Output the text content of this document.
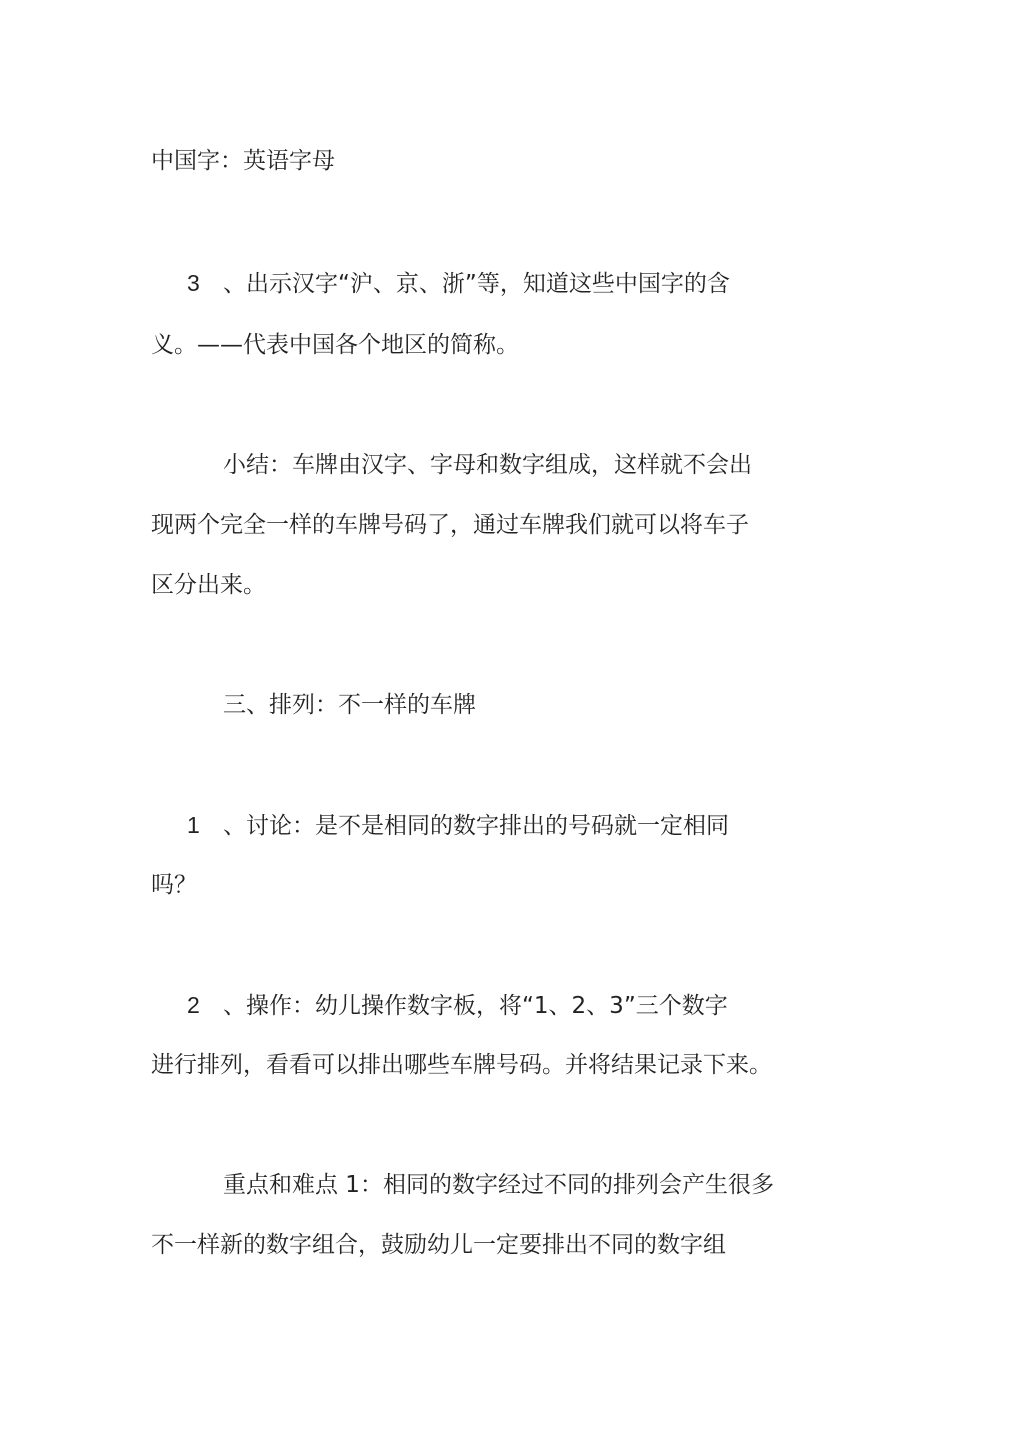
中国字：英语字母
3 、出示汉字“沪、京、浙”等，知道这些中国字的含
义。——代表中国各个地区的简称。
小结：车牌由汉字、字母和数字组成，这样就不会出
现两个完全一样的车牌号码了，通过车牌我们就可以将车子
区分出来。
三、排列：不一样的车牌
1 、讨论：是不是相同的数字排出的号码就一定相同
吗？
2 、操作：幼儿操作数字板，将“1、2、3”三个数字
进行排列，看看可以排出哪些车牌号码。并将结果记录下来。
重点和难点 1：相同的数字经过不同的排列会产生很多
不一样新的数字组合，鼓励幼儿一定要排出不同的数字组
